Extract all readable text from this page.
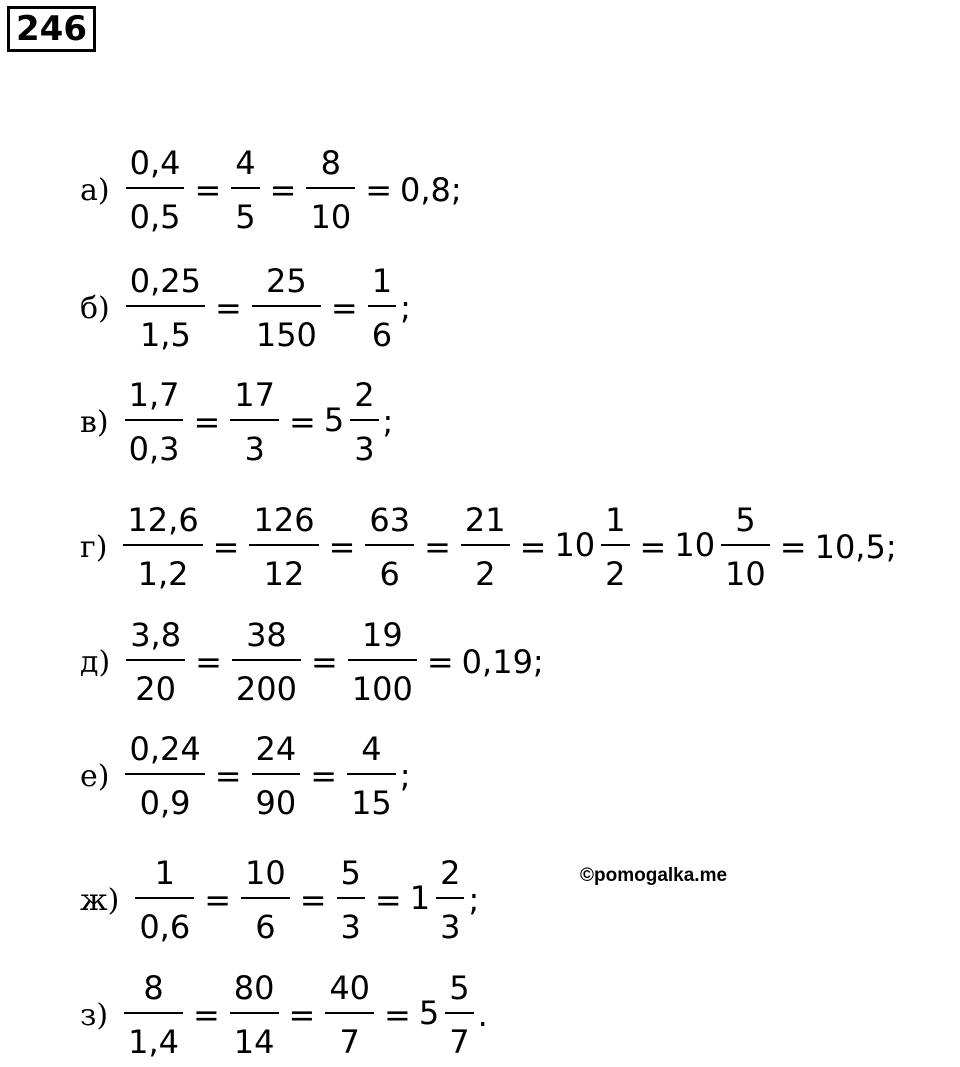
246
$а) \frac{0,4}{0,5} = \frac{4}{5} = \frac{8}{10} = 0,8$;
$б) \frac{0,25}{1,5} = \frac{25}{150} = \frac{1}{6}$ ;
$в) \frac{1,7}{0,3} = \frac{17}{3} = 5 \frac{2}{3}$ ;
$г) \frac{12,6}{1,2} = \frac{126}{12} = \frac{63}{6} = \frac{21}{2} = 10 \frac{1}{2} = 10 \frac{5}{10} = 10,5$;
$д) \frac{3,8}{20} = \frac{38}{200} = \frac{19}{100} = 0,19$;
$е) \frac{0,24}{0,9} = \frac{24}{90} = \frac{4}{15}$ ;
$ж) \frac{1}{0,6} = \frac{10}{6} = \frac{5}{3} = 1 \frac{2}{3}$ ;
$з) \frac{8}{1,4} = \frac{80}{14} = \frac{40}{7} = 5 \frac{5}{7}$ .
©pomogalka.me
